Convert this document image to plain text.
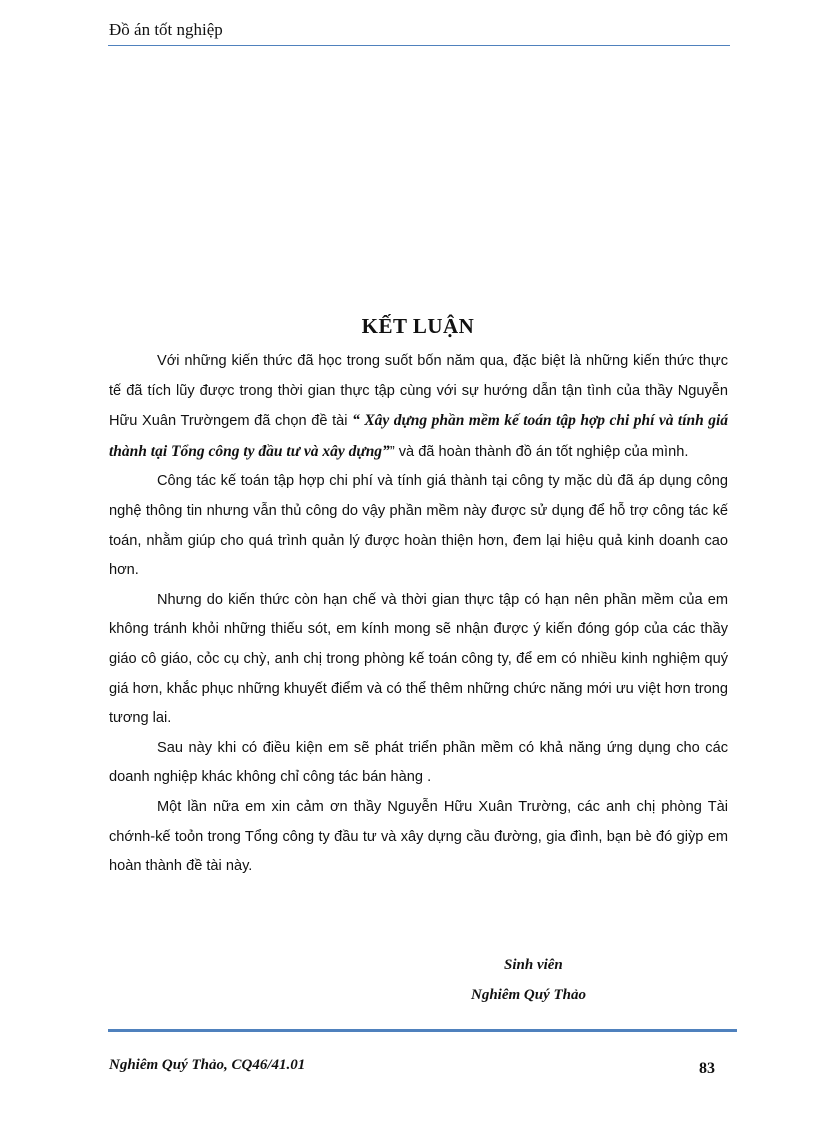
Đồ án tốt nghiệp
KẾT LUẬN

Với những kiến thức đã học trong suốt bốn năm qua, đặc biệt là những kiến thức thực tế đã tích lũy được trong thời gian thực tập cùng với sự hướng dẫn tận tình của thầy Nguyễn Hữu Xuân Trườngem đã chọn đề tài “ Xây dựng phần mềm kế toán tập hợp chi phí và tính giá thành tại Tổng công ty đầu tư và xây dựng”” và đã hoàn thành đồ án tốt nghiệp của mình.

Công tác kế toán tập hợp chi phí và tính giá thành tại công ty mặc dù đã áp dụng công nghệ thông tin nhưng vẫn thủ công do vậy phần mềm này được sử dụng để hỗ trợ công tác kế toán, nhằm giúp cho quá trình quản lý được hoàn thiện hơn, đem lại hiệu quả kinh doanh cao hơn.

Nhưng do kiến thức còn hạn chế và thời gian thực tập có hạn nên phần mềm của em không tránh khỏi những thiếu sót, em kính mong sẽ nhận được ý kiến đóng góp của các thầy giáo cô giáo, cỏc cụ chỳ, anh chị trong phòng kế toán công ty, để em có nhiều kinh nghiệm quý giá hơn, khắc phục những khuyết điểm và có thể thêm những chức năng mới ưu việt hơn trong tương lai.

Sau này khi có điều kiện em sẽ phát triển phần mềm có khả năng ứng dụng cho các doanh nghiệp khác không chỉ công tác bán hàng .

Một lần nữa em xin cảm ơn thầy Nguyễn Hữu Xuân Trường, các anh chị phòng Tài chớnh-kế toỏn trong Tổng công ty đầu tư và xây dựng cầu đường, gia đình, bạn bè đó giỳp em hoàn thành đề tài này.

Sinh viên
Nghiêm Quý Thảo
Nghiêm Quý Thảo, CQ46/41.01	83
